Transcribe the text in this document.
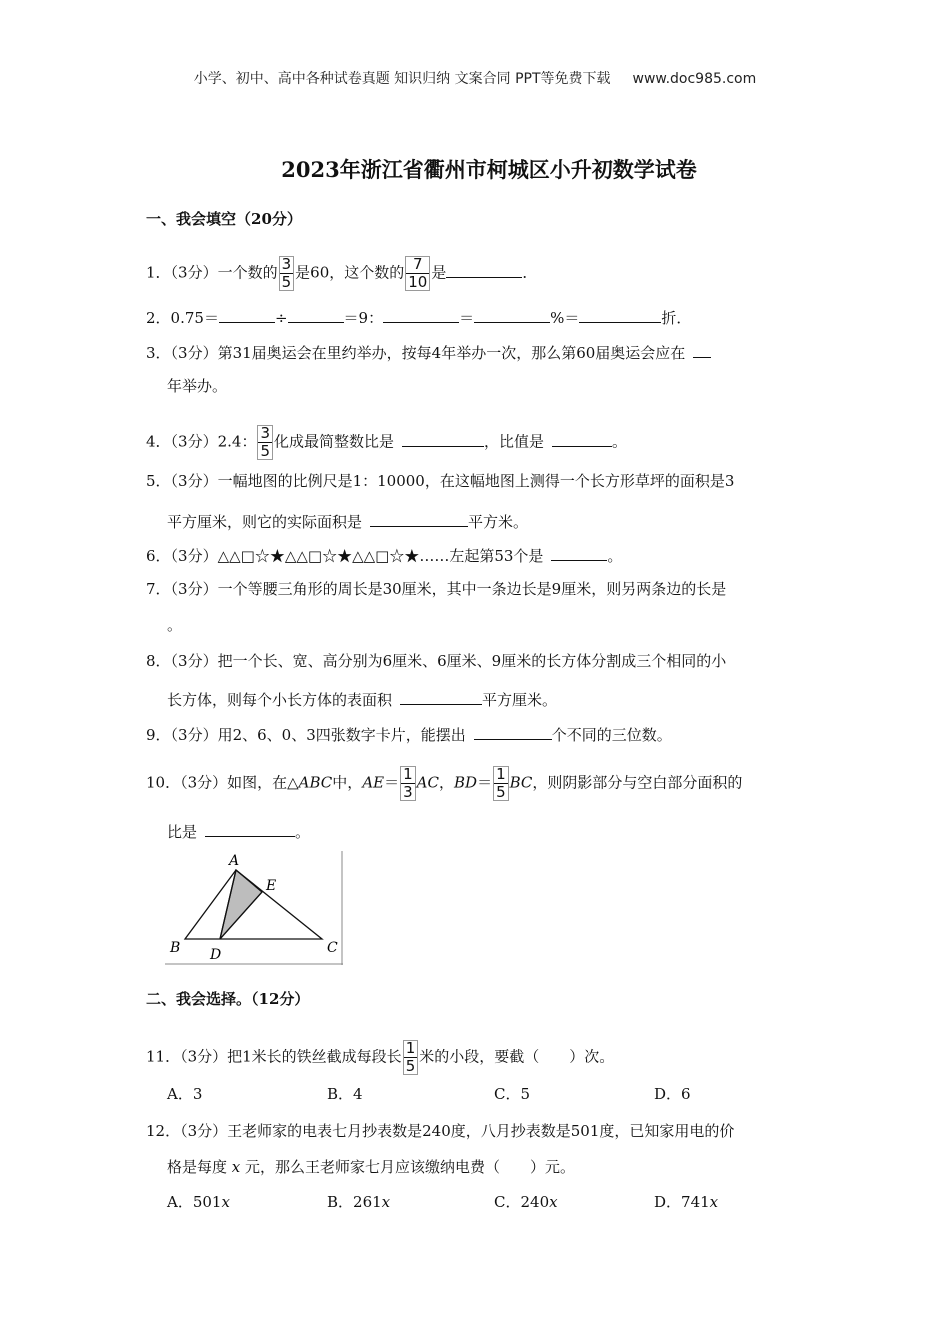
小学、初中、高中各种试卷真题 知识归纳 文案合同 PPT等免费下载 www.doc985.com
2023年浙江省衢州市柯城区小升初数学试卷
一、我会填空（20分）
1．（3分）一个数的 $\frac{3}{5}$ 是60，这个数的 $\frac{7}{10}$ 是	．
2．0.75＝	÷	＝9：	＝	%＝	折．
3．（3分）第31届奥运会在里约举办，按每4年举办一次，那么第60届奥运会应在
年举办。
4．（3分）2.4： $\frac{3}{5}$ 化成最简整数比是	，比值是	。
5．（3分）一幅地图的比例尺是1：10000，在这幅地图上测得一个长方形草坪的面积是3
平方厘米，则它的实际面积是	平方米。
6．（3分）△△□☆★△△□☆★△△□☆★……左起第53个是	。
7．（3分）一个等腰三角形的周长是30厘米，其中一条边长是9厘米，则另两条边的长是
。
8．（3分）把一个长、宽、高分别为6厘米、6厘米、9厘米的长方体分割成三个相同的小
长方体，则每个小长方体的表面积	平方厘米。
9．（3分）用2、6、0、3四张数字卡片，能摆出	个不同的三位数。
10．（3分）如图，在△ABC中，$AE= \frac{1}{3}$ AC，$BD= \frac{1}{5}$ BC，则阴影部分与空白部分面积的
比是	。
A
E
B D	C
二、我会选择。（12分）
11．（3分）把1米长的铁丝截成每段长 $\frac{1}{5}$ 米的小段，要截（　　）次。
A．3	B．4	C．5	D．6
12．（3分）王老师家的电表七月抄表数是240度，八月抄表数是501度，已知家用电的价
格是每度 x 元，那么王老师家七月应该缴纳电费（　　）元。
A．501x	B．261x	C．240x	D．741x
